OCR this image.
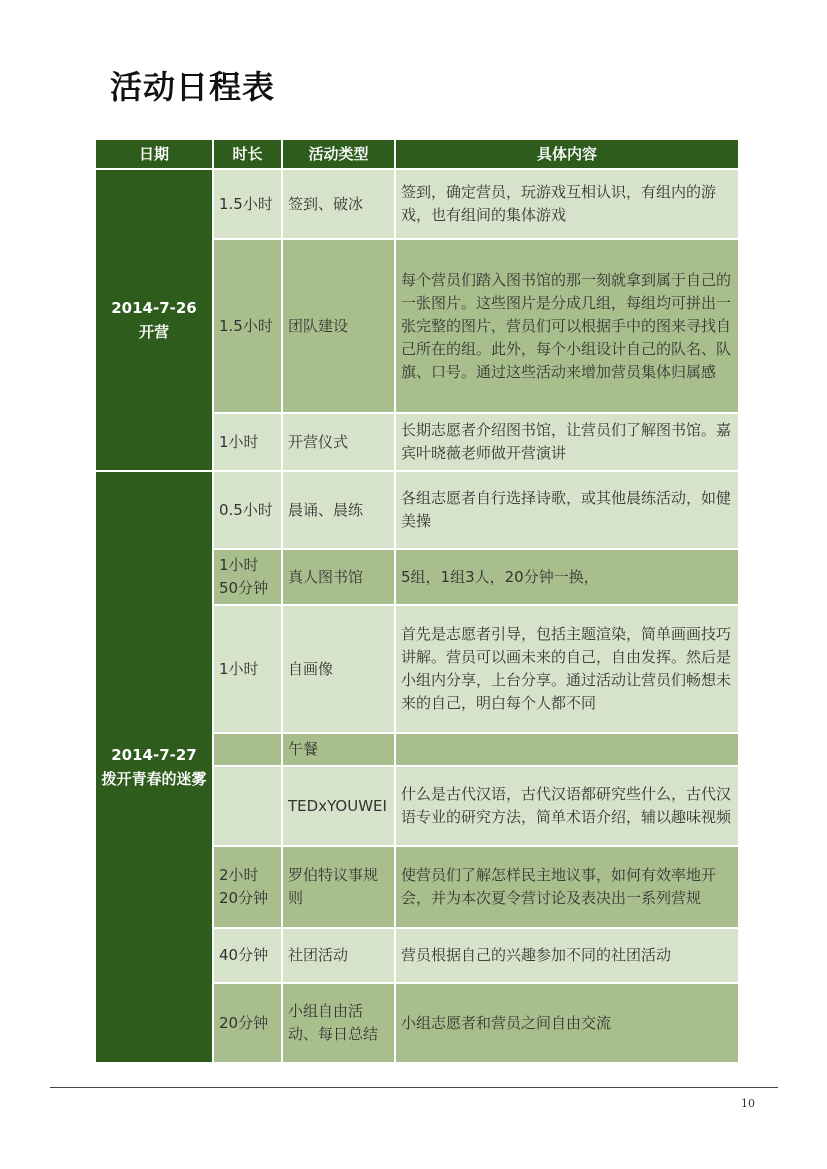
活动日程表
日期	时长	活动类型	具体内容

2014-7-26
开营	1.5小时	签到、破冰	签到，确定营员，玩游戏互相认识，有组内的游戏，也有组间的集体游戏
	1.5小时	团队建设	每个营员们踏入图书馆的那一刻就拿到属于自己的一张图片。这些图片是分成几组，每组均可拼出一张完整的图片，营员们可以根据手中的图来寻找自己所在的组。此外，每个小组设计自己的队名、队旗、口号。通过这些活动来增加营员集体归属感
	1小时	开营仪式	长期志愿者介绍图书馆，让营员们了解图书馆。嘉宾叶晓薇老师做开营演讲

2014-7-27
拨开青春的迷雾	0.5小时	晨诵、晨练	各组志愿者自行选择诗歌，或其他晨练活动，如健美操
	1小时50分钟	真人图书馆	5组，1组3人，20分钟一换，
	1小时	自画像	首先是志愿者引导，包括主题渲染，简单画画技巧讲解。营员可以画未来的自己，自由发挥。然后是小组内分享，上台分享。通过活动让营员们畅想未来的自己，明白每个人都不同
		午餐	
		TEDxYOUWEI	什么是古代汉语，古代汉语都研究些什么，古代汉语专业的研究方法，简单术语介绍，辅以趣味视频
	2小时20分钟	罗伯特议事规则	使营员们了解怎样民主地议事，如何有效率地开会，并为本次夏令营讨论及表决出一系列营规
	40分钟	社团活动	营员根据自己的兴趣参加不同的社团活动
	20分钟	小组自由活动、每日总结	小组志愿者和营员之间自由交流
10
